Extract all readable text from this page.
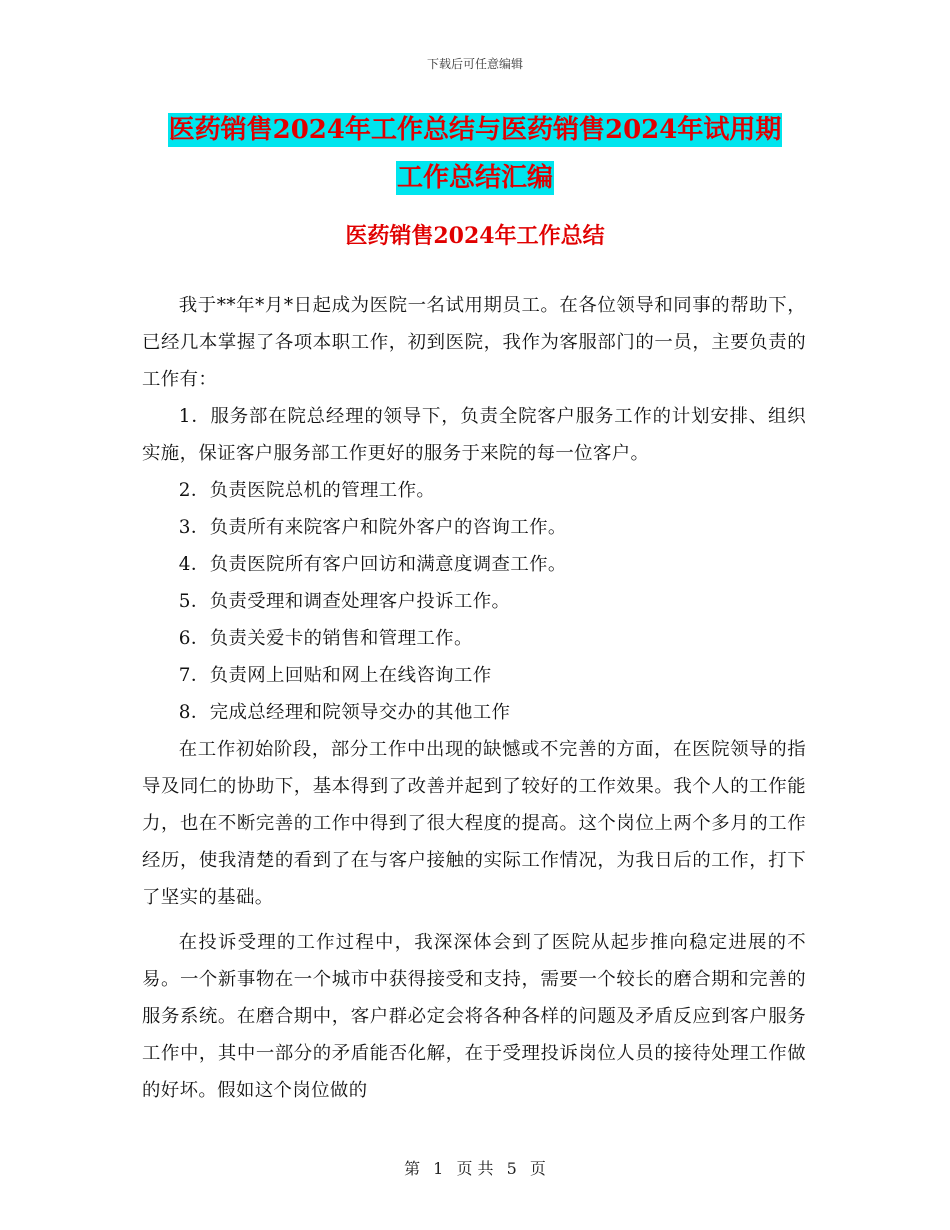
下载后可任意编辑
医药销售2024年工作总结与医药销售2024年试用期
工作总结汇编
医药销售2024年工作总结

我于**年*月*日起成为医院一名试用期员工。在各位领导和同事的帮助下，已经几本掌握了各项本职工作，初到医院，我作为客服部门的一员，主要负责的工作有：

1．服务部在院总经理的领导下，负责全院客户服务工作的计划安排、组织实施，保证客户服务部工作更好的服务于来院的每一位客户。

2．负责医院总机的管理工作。

3．负责所有来院客户和院外客户的咨询工作。

4．负责医院所有客户回访和满意度调查工作。

5．负责受理和调查处理客户投诉工作。

6．负责关爱卡的销售和管理工作。

7．负责网上回贴和网上在线咨询工作

8．完成总经理和院领导交办的其他工作

在工作初始阶段，部分工作中出现的缺憾或不完善的方面，在医院领导的指导及同仁的协助下，基本得到了改善并起到了较好的工作效果。我个人的工作能力，也在不断完善的工作中得到了很大程度的提高。这个岗位上两个多月的工作经历，使我清楚的看到了在与客户接触的实际工作情况，为我日后的工作，打下了坚实的基础。

在投诉受理的工作过程中，我深深体会到了医院从起步推向稳定进展的不易。一个新事物在一个城市中获得接受和支持，需要一个较长的磨合期和完善的服务系统。在磨合期中，客户群必定会将各种各样的问题及矛盾反应到客户服务工作中，其中一部分的矛盾能否化解，在于受理投诉岗位人员的接待处理工作做的好坏。假如这个岗位做的

第 1 页 共 5 页
